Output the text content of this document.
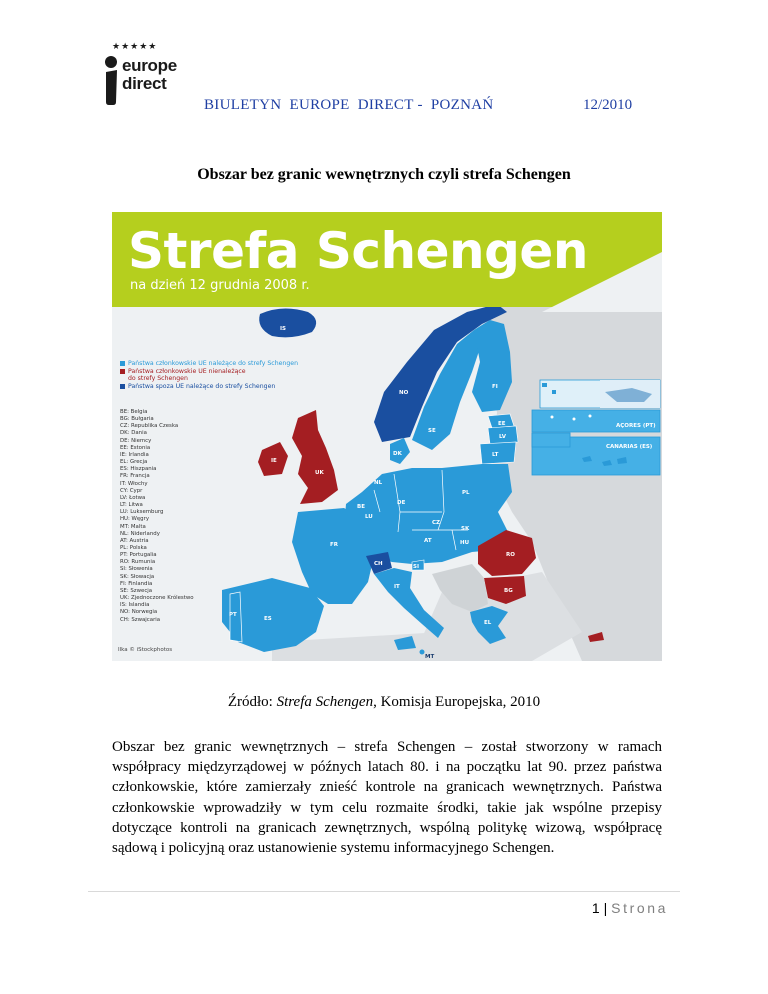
★★★★★
europe
direct
BIULETYN  EUROPE  DIRECT -  POZNAŃ	12/2010
Obszar bez granic wewnętrznych czyli strefa Schengen
AÇORES (PT)
CANARIAS (ES)
IS
NO
SE
FI
EE
LV
LT
DK
IE
UK
BE
NL
LU
DE
PL
CZ
SK
AT	HU
FR
CH	SI
IT
RO
BG
EL
PT
ES
MT
Strefa Schengen
na dzień 12 grudnia 2008 r.
Państwa członkowskie UE należące do strefy Schengen
Państwa członkowskie UE nienależące
do strefy Schengen
Państwa spoza UE należące do strefy Schengen
BE: Belgia
BG: Bułgaria
CZ: Republika Czeska
DK: Dania
DE: Niemcy
EE: Estonia
IE: Irlandia
EL: Grecja
ES: Hiszpania
FR: Francja
IT: Włochy
CY: Cypr
LV: Łotwa
LT: Litwa
LU: Luksemburg
HU: Węgry
MT: Malta
NL: Niderlandy
AT: Austria
PL: Polska
PT: Portugalia
RO: Rumunia
SI: Słowenia
SK: Słowacja
FI: Finlandia
SE: Szwecja
UK: Zjednoczone Królestwo
IS: Islandia
NO: Norwegia
CH: Szwajcaria
Ilka © iStockphotos
Źródło: Strefa Schengen, Komisja Europejska, 2010
Obszar bez granic wewnętrznych – strefa Schengen – został stworzony w ramach współpracy międzyrządowej w późnych latach 80. i na początku lat 90. przez państwa członkowskie, które zamierzały znieść kontrole na granicach wewnętrznych. Państwa członkowskie wprowadziły w tym celu rozmaite środki, takie jak wspólne przepisy dotyczące kontroli na granicach zewnętrznych, wspólną politykę wizową, współpracę sądową i policyjną oraz ustanowienie systemu informacyjnego Schengen.
1 | Strona
